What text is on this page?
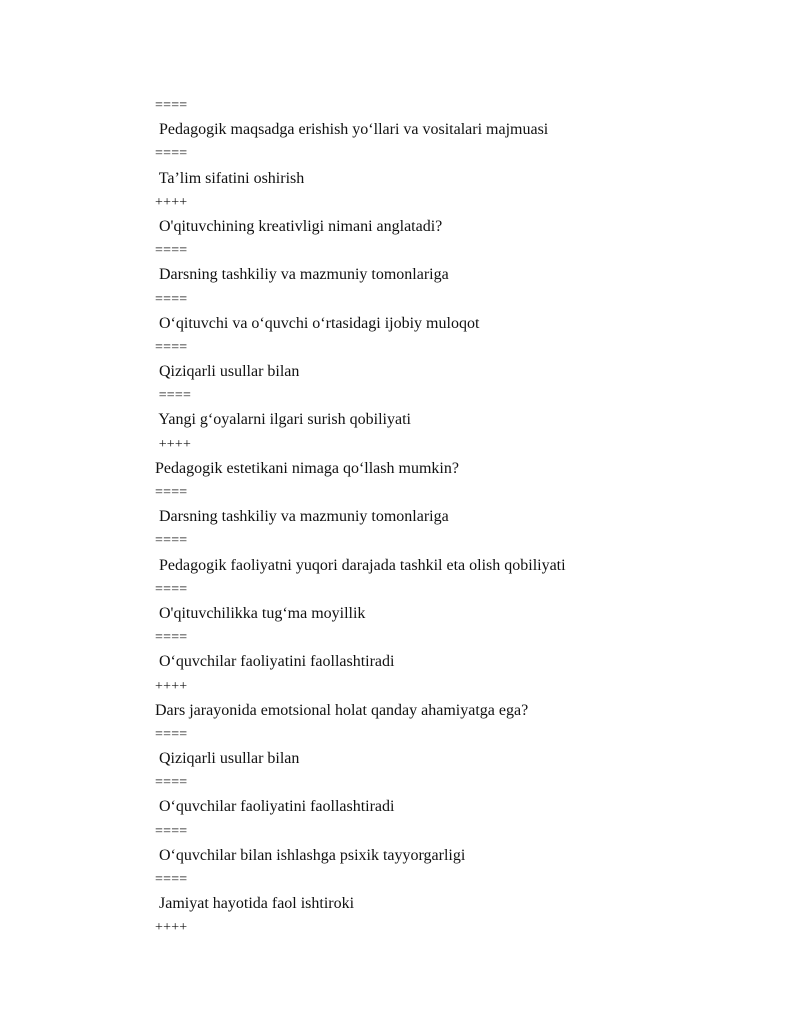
====
Pedagogik maqsadga erishish yo‘llari va vositalari majmuasi
====
Ta’lim sifatini oshirish
++++
O'qituvchining kreativligi nimani anglatadi?
====
Darsning tashkiliy va mazmuniy tomonlariga
====
O‘qituvchi va o‘quvchi o‘rtasidagi ijobiy muloqot
====
Qiziqarli usullar bilan
====
Yangi g‘oyalarni ilgari surish qobiliyati
++++
Pedagogik estetikani nimaga qo‘llash mumkin?
====
Darsning tashkiliy va mazmuniy tomonlariga
====
Pedagogik faoliyatni yuqori darajada tashkil eta olish qobiliyati
====
O'qituvchilikka tug‘ma moyillik
====
O‘quvchilar faoliyatini faollashtiradi
++++
Dars jarayonida emotsional holat qanday ahamiyatga ega?
====
Qiziqarli usullar bilan
====
O‘quvchilar faoliyatini faollashtiradi
====
O‘quvchilar bilan ishlashga psixik tayyorgarligi
====
Jamiyat hayotida faol ishtiroki
++++
